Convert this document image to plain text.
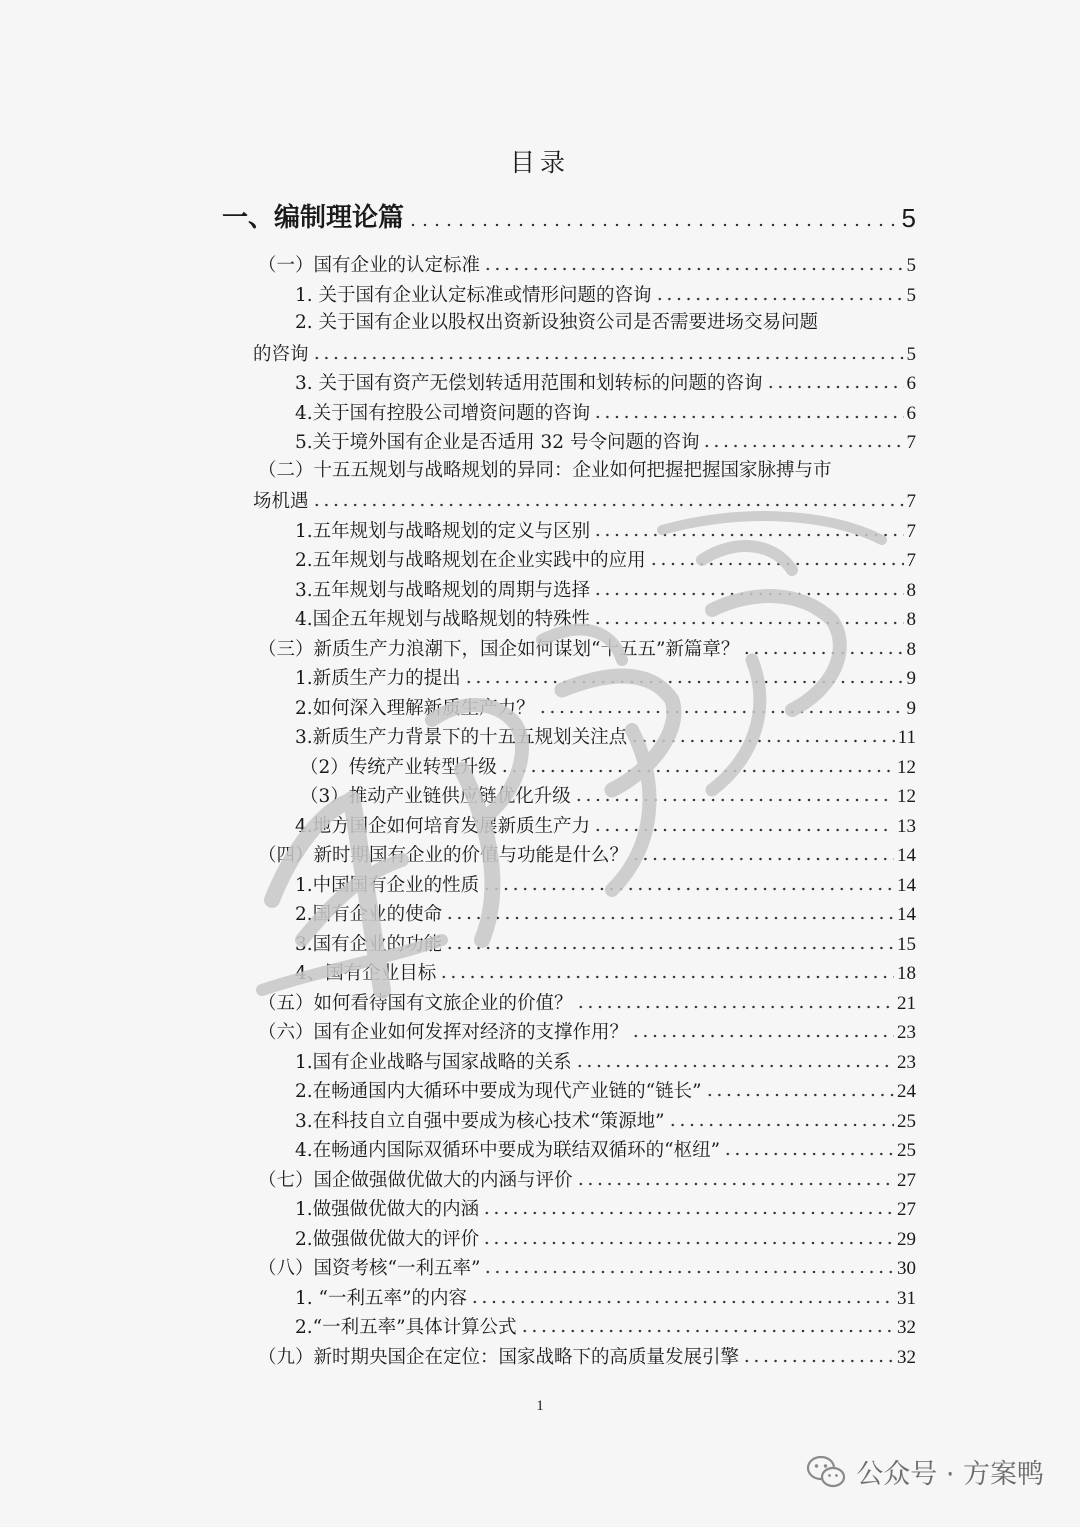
目录
一、编制理论篇	5
（一）国有企业的认定标准	5
1. 关于国有企业认定标准或情形问题的咨询	5
2. 关于国有企业以股权出资新设独资公司是否需要进场交易问题
的咨询	5
3. 关于国有资产无偿划转适用范围和划转标的问题的咨询	6
4.关于国有控股公司增资问题的咨询	6
5.关于境外国有企业是否适用 32 号令问题的咨询	7
（二）十五五规划与战略规划的异同：企业如何把握把握国家脉搏与市
场机遇	7
1.五年规划与战略规划的定义与区别	7
2.五年规划与战略规划在企业实践中的应用	7
3.五年规划与战略规划的周期与选择	8
4.国企五年规划与战略规划的特殊性	8
（三）新质生产力浪潮下，国企如何谋划“十五五”新篇章？	8
1.新质生产力的提出	9
2.如何深入理解新质生产力？	9
3.新质生产力背景下的十五五规划关注点	11
（2）传统产业转型升级	12
（3）推动产业链供应链优化升级	12
4.地方国企如何培育发展新质生产力	13
（四）新时期国有企业的价值与功能是什么？	14
1.中国国有企业的性质	14
2.国有企业的使命	14
3.国有企业的功能	15
4、国有企业目标	18
（五）如何看待国有文旅企业的价值？	21
（六）国有企业如何发挥对经济的支撑作用？	23
1.国有企业战略与国家战略的关系	23
2.在畅通国内大循环中要成为现代产业链的“链长”	24
3.在科技自立自强中要成为核心技术“策源地”	25
4.在畅通内国际双循环中要成为联结双循环的“枢纽”	25
（七）国企做强做优做大的内涵与评价	27
1.做强做优做大的内涵	27
2.做强做优做大的评价	29
（八）国资考核“一利五率”	30
1. “一利五率”的内容	31
2.“一利五率”具体计算公式	32
（九）新时期央国企在定位：国家战略下的高质量发展引擎	32
1
公众号 · 方案鸭
